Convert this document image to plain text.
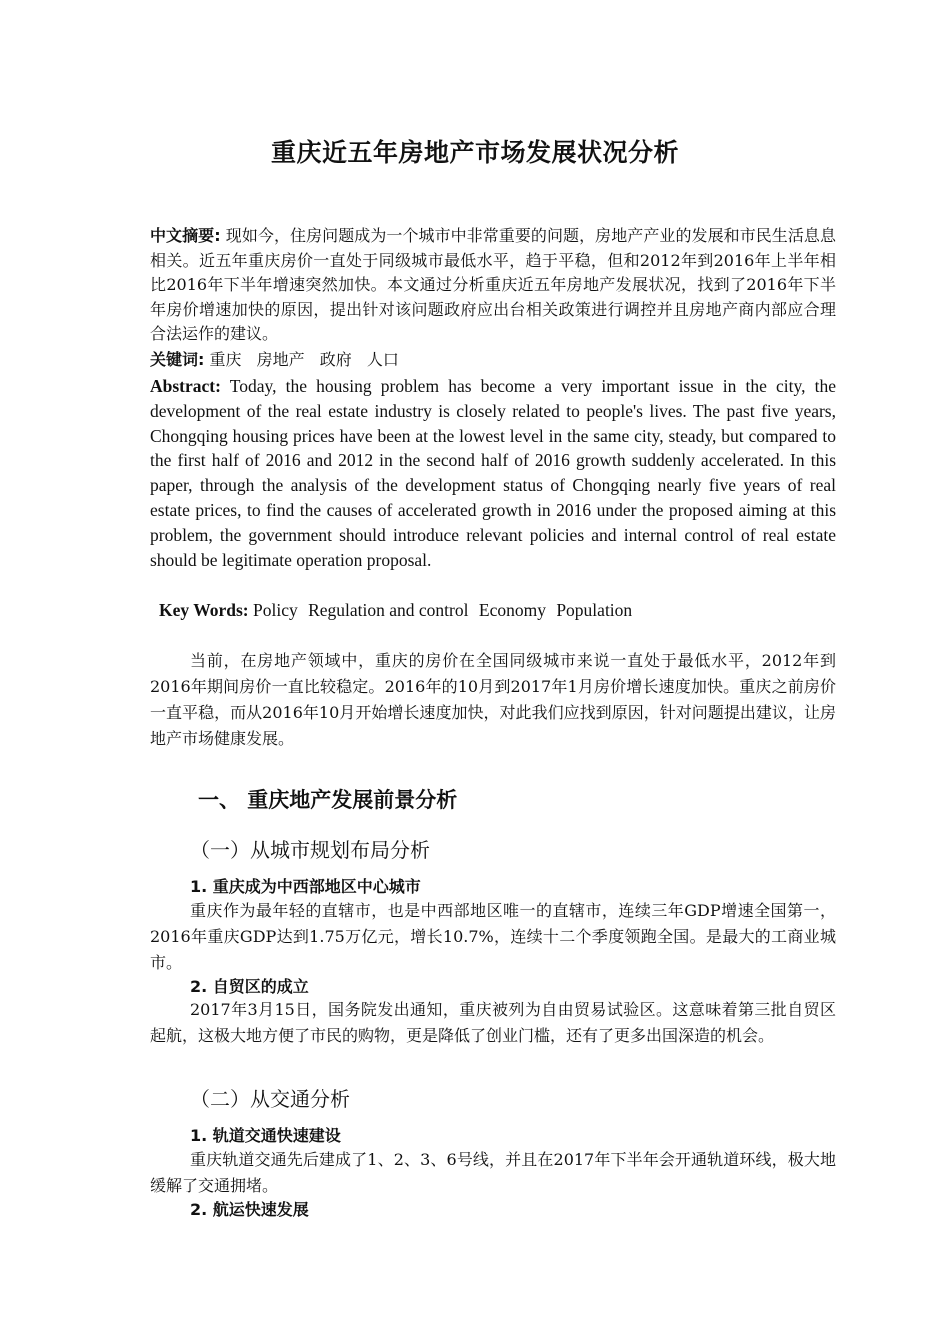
重庆近五年房地产市场发展状况分析
中文摘要: 现如今，住房问题成为一个城市中非常重要的问题，房地产产业的发展和市民生活息息相关。近五年重庆房价一直处于同级城市最低水平，趋于平稳，但和2012年到2016年上半年相比2016年下半年增速突然加快。本文通过分析重庆近五年房地产发展状况，找到了2016年下半年房价增速加快的原因，提出针对该问题政府应出台相关政策进行调控并且房地产商内部应合理合法运作的建议。
关键词: 重庆 房地产 政府 人口
Abstract: Today, the housing problem has become a very important issue in the city, the development of the real estate industry is closely related to people's lives. The past five years, Chongqing housing prices have been at the lowest level in the same city, steady, but compared to the first half of 2016 and 2012 in the second half of 2016 growth suddenly accelerated. In this paper, through the analysis of the development status of Chongqing nearly five years of real estate prices, to find the causes of accelerated growth in 2016 under the proposed aiming at this problem, the government should introduce relevant policies and internal control of real estate should be legitimate operation proposal.
Key Words: Policy Regulation and control Economy Population
当前，在房地产领域中，重庆的房价在全国同级城市来说一直处于最低水平，2012年到2016年期间房价一直比较稳定。2016年的10月到2017年1月房价增长速度加快。重庆之前房价一直平稳，而从2016年10月开始增长速度加快，对此我们应找到原因，针对问题提出建议，让房地产市场健康发展。
一、 重庆地产发展前景分析
（一）从城市规划布局分析
1. 重庆成为中西部地区中心城市
重庆作为最年轻的直辖市，也是中西部地区唯一的直辖市，连续三年GDP增速全国第一，2016年重庆GDP达到1.75万亿元，增长10.7%，连续十二个季度领跑全国。是最大的工商业城市。
2. 自贸区的成立
2017年3月15日，国务院发出通知，重庆被列为自由贸易试验区。这意味着第三批自贸区起航，这极大地方便了市民的购物，更是降低了创业门槛，还有了更多出国深造的机会。
（二）从交通分析
1. 轨道交通快速建设
重庆轨道交通先后建成了1、2、3、6号线，并且在2017年下半年会开通轨道环线，极大地缓解了交通拥堵。
2. 航运快速发展
